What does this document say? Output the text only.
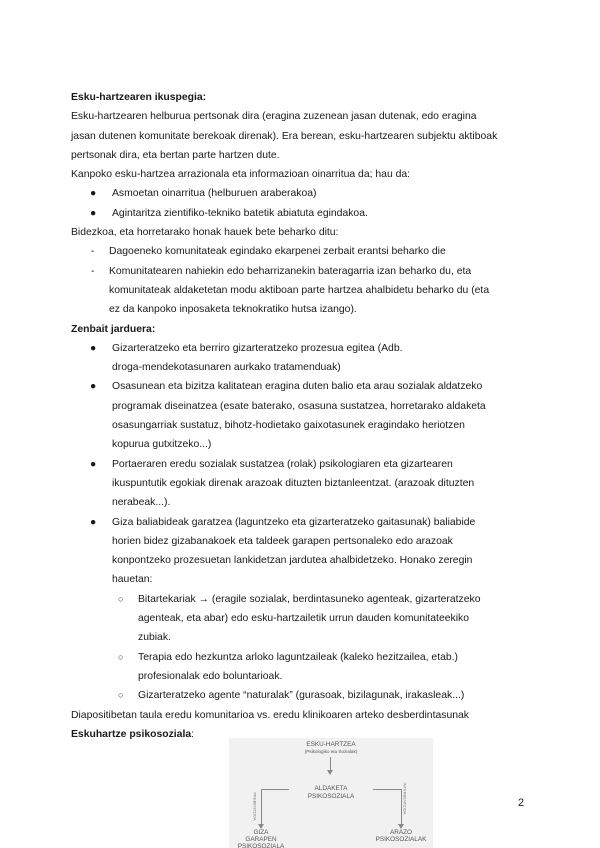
Esku-hartzearen ikuspegia:
Esku-hartzearen helburua pertsonak dira (eragina zuzenean jasan dutenak, edo eragina
jasan dutenen komunitate berekoak direnak). Era berean, esku-hartzearen subjektu aktiboak
pertsonak dira, eta bertan parte hartzen dute.
Kanpoko esku-hartzea arrazionala eta informazioan oinarritua da; hau da:
● Asmoetan oinarritua (helburuen araberakoa)
● Agintaritza zientifiko-tekniko batetik abiatuta egindakoa.
Bidezkoa, eta horretarako honak hauek bete beharko ditu:
- Dagoeneko komunitateak egindako ekarpenei zerbait erantsi beharko die
- Komunitatearen nahiekin edo beharrizanekin bateragarria izan beharko du, eta
komunitateak aldaketetan modu aktiboan parte hartzea ahalbidetu beharko du (eta
ez da kanpoko inposaketa teknokratiko hutsa izango).
Zenbait jarduera:
● Gizarteratzeko eta berriro gizarteratzeko prozesua egitea (Adb.
droga-mendekotasunaren aurkako tratamenduak)
● Osasunean eta bizitza kalitatean eragina duten balio eta arau sozialak aldatzeko
programak diseinatzea (esate baterako, osasuna sustatzea, horretarako aldaketa
osasungarriak sustatuz, bihotz-hodietako gaixotasunek eragindako heriotzen
kopurua gutxitzeko...)
● Portaeraren eredu sozialak sustatzea (rolak) psikologiaren eta gizartearen
ikuspuntutik egokiak direnak arazoak dituzten biztanleentzat. (arazoak dituzten
nerabeak...).
● Giza baliabideak garatzea (laguntzeko eta gizarteratzeko gaitasunak) baliabide
horien bidez gizabanakoek eta taldeek garapen pertsonaleko edo arazoak
konpontzeko prozesuetan lankidetzan jardutea ahalbidetzeko. Honako zeregin
hauetan:
○ Bitartekariak → (eragile sozialak, berdintasuneko agenteak, gizarteratzeko
agenteak, eta abar) edo esku-hartzailetik urrun dauden komunitateekiko
zubiak.
○ Terapia edo hezkuntza arloko laguntzaileak (kaleko hezitzailea, etab.)
profesionalak edo boluntarioak.
○ Gizarteratzeko agente “naturalak” (gurasoak, bizilagunak, irakasleak...)
Diapositibetan taula eredu komunitarioa vs. eredu klinikoaren arteko desberdintasunak
Eskuhartze psikosoziala:
ESKU-HARTZEA
(Psikologiko eta Sozialak)
ALDAKETA
PSIKOSOZIALA
PREBENTZIOA	INTERBENTZIOA
GIZA
GARAPEN
PSIKOSOZIALA
ARAZO
PSIKOSOZIALAK
2
